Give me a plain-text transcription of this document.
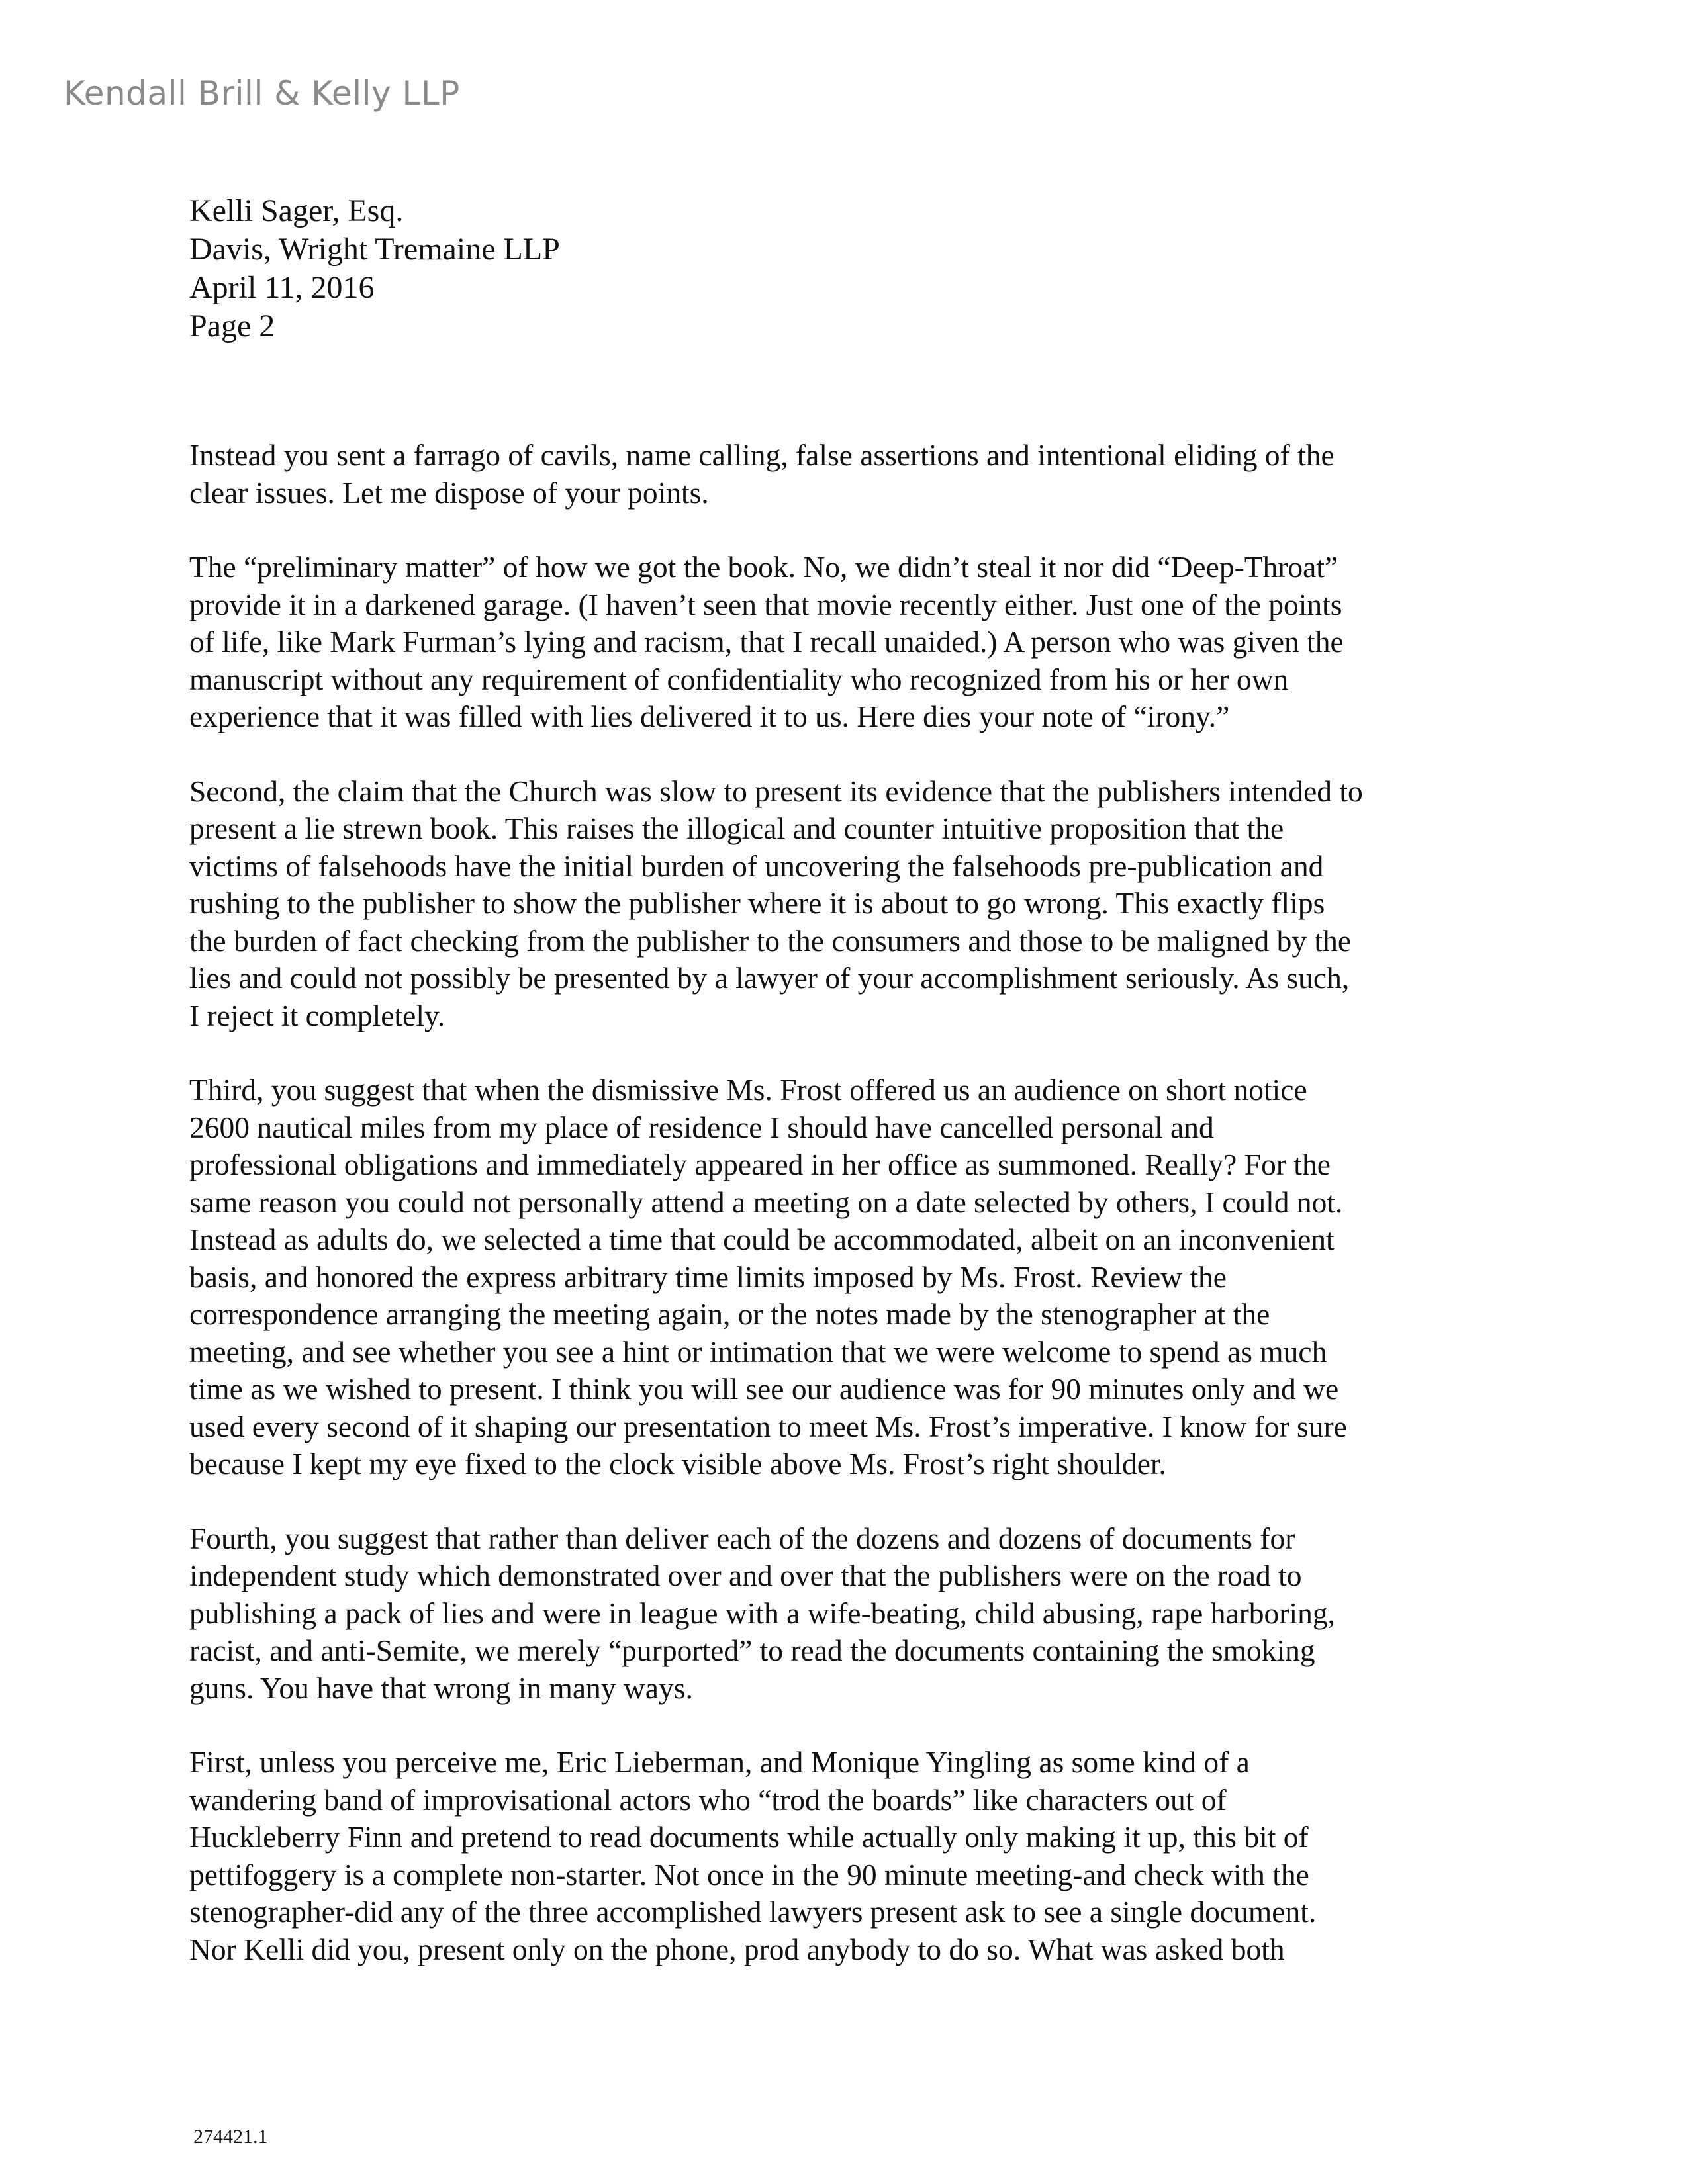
Kendall Brill & Kelly LLP
Kelli Sager, Esq.
Davis, Wright Tremaine LLP
April 11, 2016
Page 2

Instead you sent a farrago of cavils, name calling, false assertions and intentional eliding of the
clear issues. Let me dispose of your points.

The “preliminary matter” of how we got the book. No, we didn’t steal it nor did “Deep-Throat”
provide it in a darkened garage. (I haven’t seen that movie recently either. Just one of the points
of life, like Mark Furman’s lying and racism, that I recall unaided.) A person who was given the
manuscript without any requirement of confidentiality who recognized from his or her own
experience that it was filled with lies delivered it to us. Here dies your note of “irony.”

Second, the claim that the Church was slow to present its evidence that the publishers intended to
present a lie strewn book. This raises the illogical and counter intuitive proposition that the
victims of falsehoods have the initial burden of uncovering the falsehoods pre-publication and
rushing to the publisher to show the publisher where it is about to go wrong. This exactly flips
the burden of fact checking from the publisher to the consumers and those to be maligned by the
lies and could not possibly be presented by a lawyer of your accomplishment seriously. As such,
I reject it completely.

Third, you suggest that when the dismissive Ms. Frost offered us an audience on short notice
2600 nautical miles from my place of residence I should have cancelled personal and
professional obligations and immediately appeared in her office as summoned. Really? For the
same reason you could not personally attend a meeting on a date selected by others, I could not.
Instead as adults do, we selected a time that could be accommodated, albeit on an inconvenient
basis, and honored the express arbitrary time limits imposed by Ms. Frost. Review the
correspondence arranging the meeting again, or the notes made by the stenographer at the
meeting, and see whether you see a hint or intimation that we were welcome to spend as much
time as we wished to present. I think you will see our audience was for 90 minutes only and we
used every second of it shaping our presentation to meet Ms. Frost’s imperative. I know for sure
because I kept my eye fixed to the clock visible above Ms. Frost’s right shoulder.

Fourth, you suggest that rather than deliver each of the dozens and dozens of documents for
independent study which demonstrated over and over that the publishers were on the road to
publishing a pack of lies and were in league with a wife-beating, child abusing, rape harboring,
racist, and anti-Semite, we merely “purported” to read the documents containing the smoking
guns. You have that wrong in many ways.

First, unless you perceive me, Eric Lieberman, and Monique Yingling as some kind of a
wandering band of improvisational actors who “trod the boards” like characters out of
Huckleberry Finn and pretend to read documents while actually only making it up, this bit of
pettifoggery is a complete non-starter. Not once in the 90 minute meeting-and check with the
stenographer-did any of the three accomplished lawyers present ask to see a single document.
Nor Kelli did you, present only on the phone, prod anybody to do so. What was asked both

274421.1
